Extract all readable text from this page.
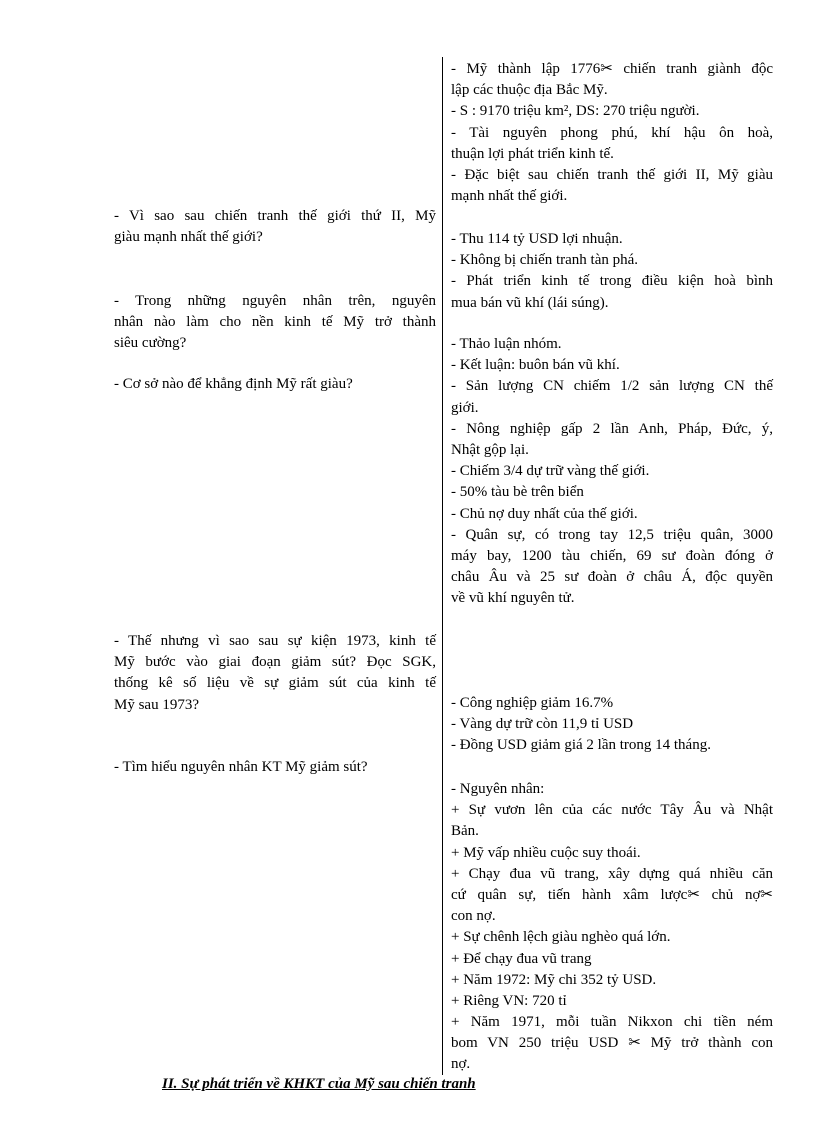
- Vì sao sau chiến tranh thế giới thứ II, Mỹ
giàu mạnh nhất thế giới?
- Trong những nguyên nhân trên, nguyên
nhân nào làm cho nền kinh tế Mỹ trở thành
siêu cường?
- Cơ sở nào để khẳng định Mỹ rất giàu?
- Thế nhưng vì sao sau sự kiện 1973, kinh tế
Mỹ bước vào giai đoạn giảm sút? Đọc SGK,
thống kê số liệu về sự giảm sút của kinh tế
Mỹ sau 1973?
- Tìm hiểu nguyên nhân KT Mỹ giảm sút?
- Mỹ thành lập 1776✂ chiến tranh giành độc
lập các thuộc địa Bắc Mỹ.
- S : 9170 triệu km², DS: 270 triệu người.
- Tài nguyên phong phú, khí hậu ôn hoà,
thuận lợi phát triển kinh tế.
- Đặc biệt sau chiến tranh thế giới II, Mỹ giàu
mạnh nhất thế giới.
- Thu 114 tỷ USD lợi nhuận.
- Không bị chiến tranh tàn phá.
- Phát triển kinh tế trong điều kiện hoà bình
mua bán vũ khí (lái súng).
- Thảo luận nhóm.
- Kết luận: buôn bán vũ khí.
- Sản lượng CN chiếm 1/2 sản lượng CN thế
giới.
- Nông nghiệp gấp 2 lần Anh, Pháp, Đức, ý,
Nhật gộp lại.
- Chiếm 3/4 dự trữ vàng thế giới.
- 50% tàu bè trên biển
- Chủ nợ duy nhất của thế giới.
- Quân sự, có trong tay 12,5 triệu quân, 3000
máy bay, 1200 tàu chiến, 69 sư đoàn đóng ở
châu Âu và 25 sư đoàn ở châu Á, độc quyền
về vũ khí nguyên tử.
- Công nghiệp giảm 16.7%
- Vàng dự trữ còn 11,9 tỉ USD
- Đồng USD giảm giá 2 lần trong 14 tháng.
- Nguyên nhân:
+ Sự vươn lên của các nước Tây Âu và Nhật
Bản.
+ Mỹ vấp nhiều cuộc suy thoái.
+ Chạy đua vũ trang, xây dựng quá nhiều căn
cứ quân sự, tiến hành xâm lược✂ chủ nợ✂
con nợ.
+ Sự chênh lệch giàu nghèo quá lớn.
+ Để chạy đua vũ trang
+ Năm 1972: Mỹ chi 352 tỷ USD.
+ Riêng VN: 720 tỉ
+ Năm 1971, mỗi tuần Nikxon chi tiền ném
bom VN 250 triệu USD ✂ Mỹ trở thành con
nợ.
II. Sự phát triển về KHKT của Mỹ sau chiến tranh
